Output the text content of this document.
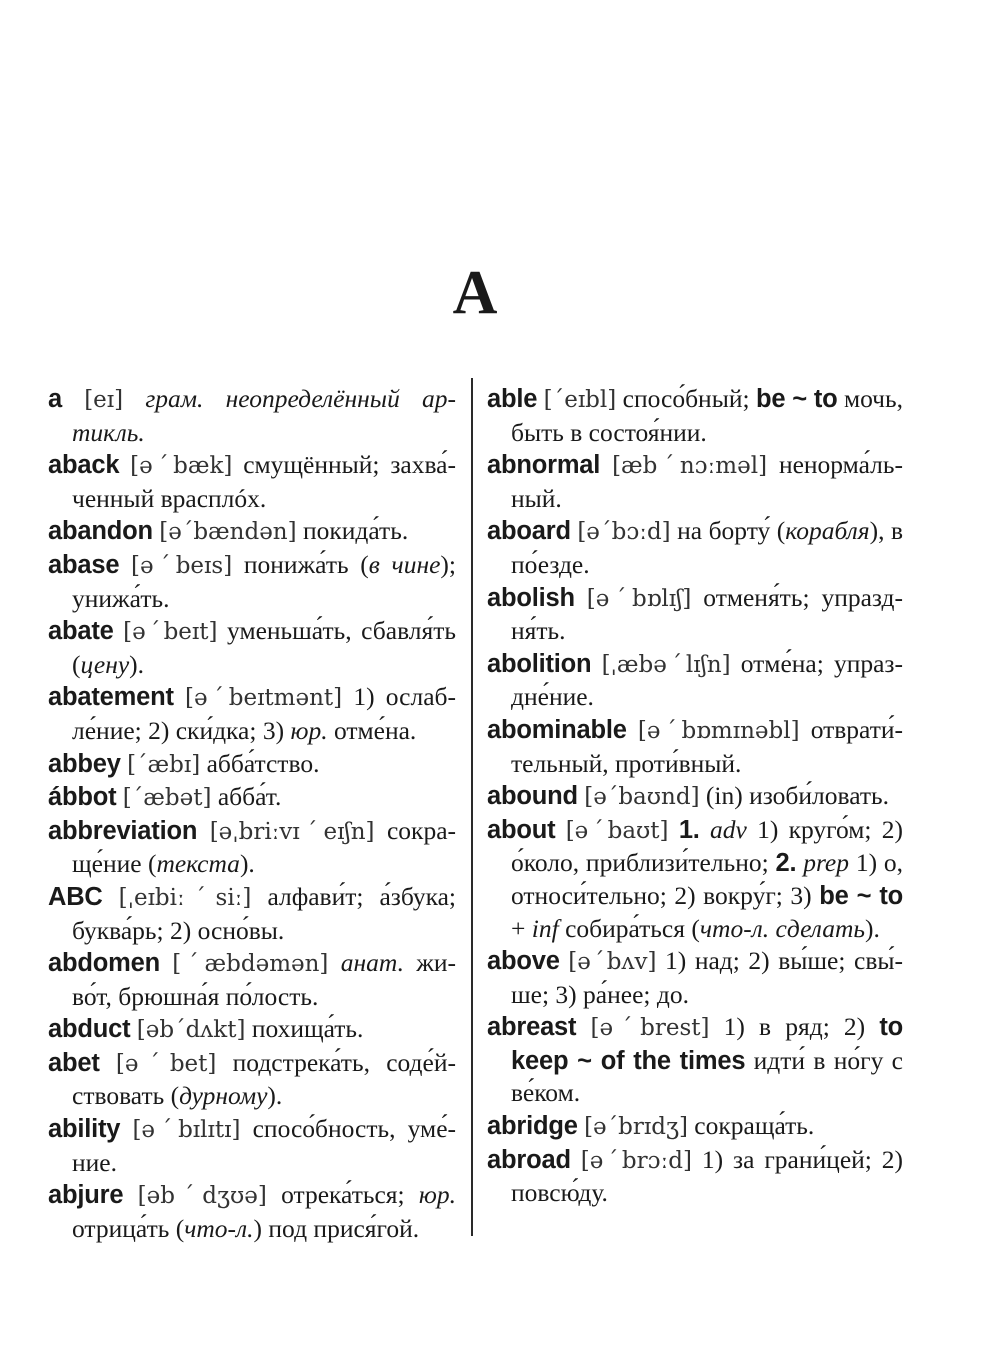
A
a [eɪ] грам. неопределённый артикль.
aback [əˊbæk] смущённый; захва́ченный врасплóх.
abandon [əˊbændən] покида́ть.
abase [əˊbeɪs] понижа́ть (в чине); унижа́ть.
abate [əˊbeɪt] уменьша́ть, сбавля́ть (цену).
abatement [əˊbeɪtmənt] 1) ослабле́ние; 2) ски́дка; 3) юр. отме́на.
abbey [ˊæbɪ] абба́тство.
ábbot [ˊæbət] абба́т.
abbreviation [əˌbriːvɪˊeɪʃn] сокраще́ние (текста).
ABC [ˌeɪbiːˊsiː] алфави́т; а́збука; буква́рь; 2) осно́вы.
abdomen [ˊæbdəmən] анат. живо́т, брюшна́я по́лость.
abduct [əbˊdʌkt] похища́ть.
abet [əˊbet] подстрека́ть, соде́йствовать (дурному).
ability [əˊbɪlɪtɪ] спосо́бность, уме́ние.
abjure [əbˊdʒʊə] отрека́ться; юр. отрица́ть (что-л.) под прися́гой.
able [ˊeɪbl] спосо́бный; be ~ to мочь, быть в состоя́нии.
abnormal [æbˊnɔːməl] ненорма́льный.
aboard [əˊbɔːd] на борту́ (корабля), в по́езде.
abolish [əˊbɒlɪʃ] отменя́ть; упраздня́ть.
abolition [ˌæbəˊlɪʃn] отме́на; упраздне́ние.
abominable [əˊbɒmɪnəbl] отврати́тельный, проти́вный.
abound [əˊbaʊnd] (in) изоби́ловать.
about [əˊbaʊt] 1. adv 1) круго́м; 2) о́коло, приблизи́тельно; 2. prep 1) о, относи́тельно; 2) вокру́г; 3) be ~ to + inf собира́ться (что-л. сделать).
above [əˊbʌv] 1) над; 2) вы́ше; свы́ше; 3) ра́нее; до.
abreast [əˊbrest] 1) в ряд; 2) to keep ~ of the times идти́ в но́гу с ве́ком.
abridge [əˊbrɪdʒ] сокраща́ть.
abroad [əˊbrɔːd] 1) за грани́цей; 2) повсю́ду.
